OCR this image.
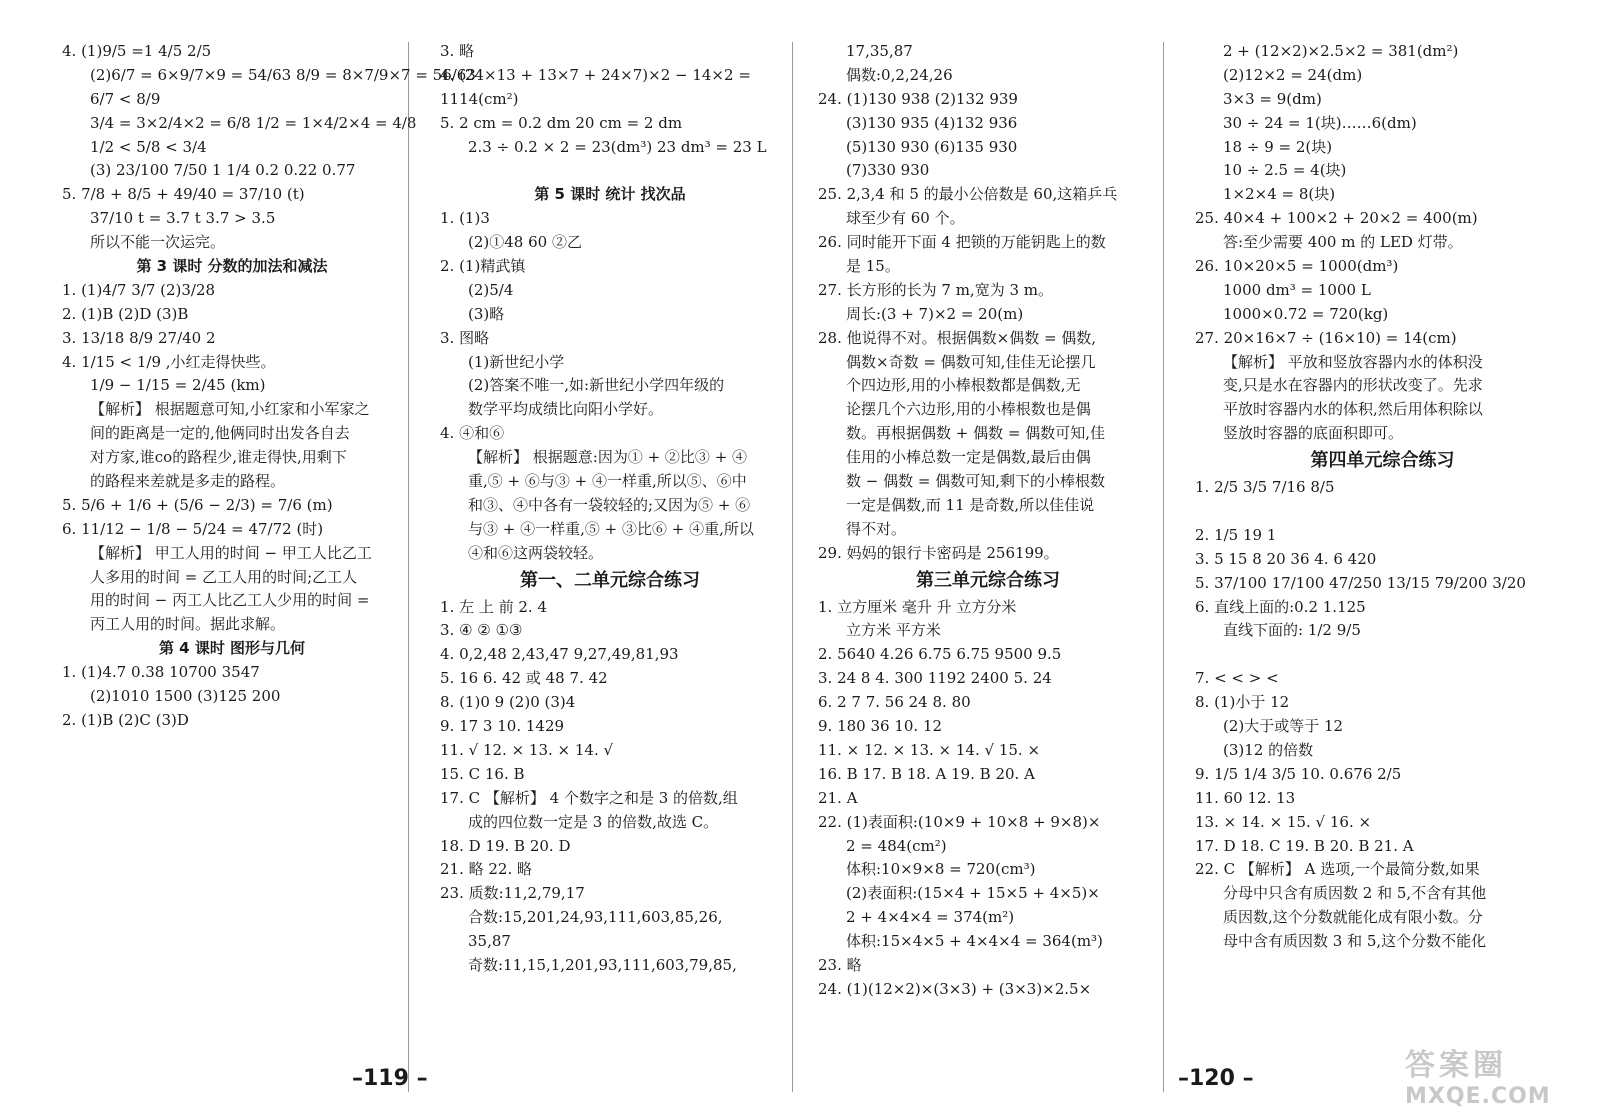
4. (1)9/5 =1 4/5 2/5
(2)6/7 = 6×9/7×9 = 54/63 8/9 = 8×7/9×7 = 56/63
6/7 < 8/9
3/4 = 3×2/4×2 = 6/8 1/2 = 1×4/2×4 = 4/8
1/2 < 5/8 < 3/4
(3) 23/100 7/50 1 1/4 0.2 0.22 0.77
5. 7/8 + 8/5 + 49/40 = 37/10 (t)
37/10 t = 3.7 t 3.7 > 3.5
所以不能一次运完。
第 3 课时 分数的加法和减法
1. (1)4/7 3/7 (2)3/28
2. (1)B (2)D (3)B
3. 13/18 8/9 27/40 2
4. 1/15 < 1/9 ,小红走得快些。
1/9 − 1/15 = 2/45 (km)
【解析】 根据题意可知,小红家和小军家之
间的距离是一定的,他俩同时出发各自去
对方家,谁со的路程少,谁走得快,用剩下
的路程来差就是多走的路程。
5. 5/6 + 1/6 + (5/6 − 2/3) = 7/6 (m)
6. 11/12 − 1/8 − 5/24 = 47/72 (时)
【解析】 甲工人用的时间 − 甲工人比乙工
人多用的时间 = 乙工人用的时间;乙工人
用的时间 − 丙工人比乙工人少用的时间 =
丙工人用的时间。据此求解。
第 4 课时 图形与几何
1. (1)4.7 0.38 10700 3547
(2)1010 1500 (3)125 200
2. (1)B (2)C (3)D
3. 略
4. (24×13 + 13×7 + 24×7)×2 − 14×2 =
1114(cm²)
5. 2 cm = 0.2 dm 20 cm = 2 dm
2.3 ÷ 0.2 × 2 = 23(dm³) 23 dm³ = 23 L
第 5 课时 统计 找次品
1. (1)3
(2)①48 60 ②乙
2. (1)精武镇
(2)5/4
(3)略
3. 图略
(1)新世纪小学
(2)答案不唯一,如:新世纪小学四年级的
数学平均成绩比向阳小学好。
4. ④和⑥
【解析】 根据题意:因为① + ②比③ + ④
重,⑤ + ⑥与③ + ④一样重,所以⑤、⑥中
和③、④中各有一袋较轻的;又因为⑤ + ⑥
与③ + ④一样重,⑤ + ③比⑥ + ④重,所以
④和⑥这两袋较轻。
第一、二单元综合练习
1. 左 上 前 2. 4
3. ④ ② ①③
4. 0,2,48 2,43,47 9,27,49,81,93
5. 16 6. 42 或 48 7. 42
8. (1)0 9 (2)0 (3)4
9. 17 3 10. 1429
11. √ 12. × 13. × 14. √
15. C 16. B
17. C 【解析】 4 个数字之和是 3 的倍数,组
成的四位数一定是 3 的倍数,故选 C。
18. D 19. B 20. D
21. 略 22. 略
23. 质数:11,2,79,17
合数:15,201,24,93,111,603,85,26,
35,87
奇数:11,15,1,201,93,111,603,79,85,
17,35,87
偶数:0,2,24,26
24. (1)130 938 (2)132 939
(3)130 935 (4)132 936
(5)130 930 (6)135 930
(7)330 930
25. 2,3,4 和 5 的最小公倍数是 60,这箱乒乓
球至少有 60 个。
26. 同时能开下面 4 把锁的万能钥匙上的数
是 15。
27. 长方形的长为 7 m,宽为 3 m。
周长:(3 + 7)×2 = 20(m)
28. 他说得不对。根据偶数×偶数 = 偶数,
偶数×奇数 = 偶数可知,佳佳无论摆几
个四边形,用的小棒根数都是偶数,无
论摆几个六边形,用的小棒根数也是偶
数。再根据偶数 + 偶数 = 偶数可知,佳
佳用的小棒总数一定是偶数,最后由偶
数 − 偶数 = 偶数可知,剩下的小棒根数
一定是偶数,而 11 是奇数,所以佳佳说
得不对。
29. 妈妈的银行卡密码是 256199。
第三单元综合练习
1. 立方厘米 毫升 升 立方分米
立方米 平方米
2. 5640 4.26 6.75 6.75 9500 9.5
3. 24 8 4. 300 1192 2400 5. 24
6. 2 7 7. 56 24 8. 80
9. 180 36 10. 12
11. × 12. × 13. × 14. √ 15. ×
16. B 17. B 18. A 19. B 20. A
21. A
22. (1)表面积:(10×9 + 10×8 + 9×8)×
2 = 484(cm²)
体积:10×9×8 = 720(cm³)
(2)表面积:(15×4 + 15×5 + 4×5)×
2 + 4×4×4 = 374(m²)
体积:15×4×5 + 4×4×4 = 364(m³)
23. 略
24. (1)(12×2)×(3×3) + (3×3)×2.5×
2 + (12×2)×2.5×2 = 381(dm²)
(2)12×2 = 24(dm)
3×3 = 9(dm)
30 ÷ 24 = 1(块)……6(dm)
18 ÷ 9 = 2(块)
10 ÷ 2.5 = 4(块)
1×2×4 = 8(块)
25. 40×4 + 100×2 + 20×2 = 400(m)
答:至少需要 400 m 的 LED 灯带。
26. 10×20×5 = 1000(dm³)
1000 dm³ = 1000 L
1000×0.72 = 720(kg)
27. 20×16×7 ÷ (16×10) = 14(cm)
【解析】 平放和竖放容器内水的体积没
变,只是水在容器内的形状改变了。先求
平放时容器内水的体积,然后用体积除以
竖放时容器的底面积即可。
第四单元综合练习
1. 2/5 3/5 7/16 8/5
2. 1/5 19 1
3. 5 15 8 20 36 4. 6 420
5. 37/100 17/100 47/250 13/15 79/200 3/20
6. 直线上面的:0.2 1.125
直线下面的: 1/2 9/5
7. < < > <
8. (1)小于 12
(2)大于或等于 12
(3)12 的倍数
9. 1/5 1/4 3/5 10. 0.676 2/5
11. 60 12. 13
13. × 14. × 15. √ 16. ×
17. D 18. C 19. B 20. B 21. A
22. C 【解析】 A 选项,一个最简分数,如果
分母中只含有质因数 2 和 5,不含有其他
质因数,这个分数就能化成有限小数。分
母中含有质因数 3 和 5,这个分数不能化
–119 –	–120 –	答案圈
MXQE.COM
